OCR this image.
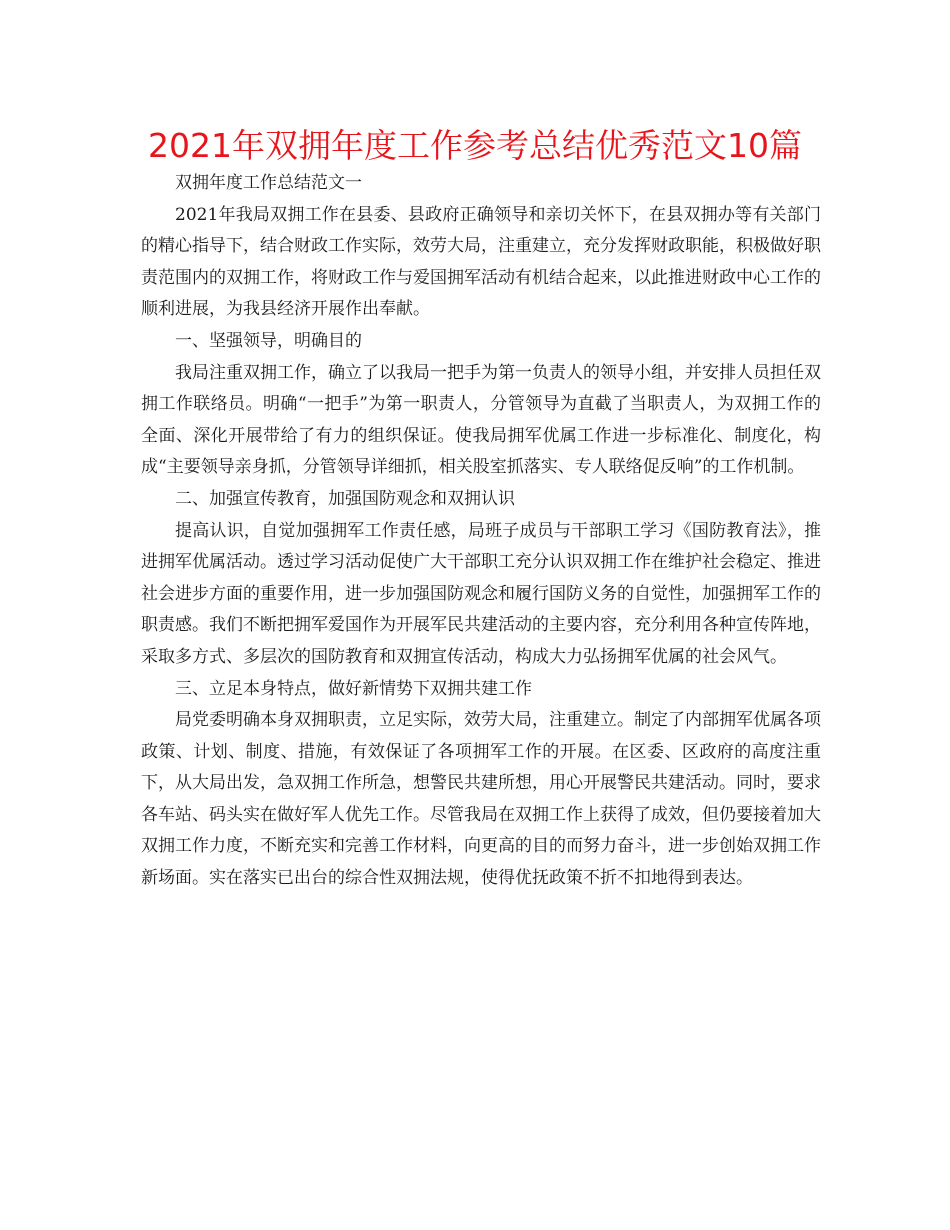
2021年双拥年度工作参考总结优秀范文10篇

双拥年度工作总结范文一

2021年我局双拥工作在县委、县政府正确领导和亲切关怀下，在县双拥办等有关部门的精心指导下，结合财政工作实际，效劳大局，注重建立，充分发挥财政职能，积极做好职责范围内的双拥工作，将财政工作与爱国拥军活动有机结合起来，以此推进财政中心工作的顺利进展，为我县经济开展作出奉献。

一、坚强领导，明确目的

我局注重双拥工作，确立了以我局一把手为第一负责人的领导小组，并安排人员担任双拥工作联络员。明确“一把手”为第一职责人，分管领导为直截了当职责人，为双拥工作的全面、深化开展带给了有力的组织保证。使我局拥军优属工作进一步标准化、制度化，构成“主要领导亲身抓，分管领导详细抓，相关股室抓落实、专人联络促反响”的工作机制。

二、加强宣传教育，加强国防观念和双拥认识

提高认识，自觉加强拥军工作责任感，局班子成员与干部职工学习《国防教育法》，推进拥军优属活动。透过学习活动促使广大干部职工充分认识双拥工作在维护社会稳定、推进社会进步方面的重要作用，进一步加强国防观念和履行国防义务的自觉性，加强拥军工作的职责感。我们不断把拥军爱国作为开展军民共建活动的主要内容，充分利用各种宣传阵地，采取多方式、多层次的国防教育和双拥宣传活动，构成大力弘扬拥军优属的社会风气。

三、立足本身特点，做好新情势下双拥共建工作

局党委明确本身双拥职责，立足实际，效劳大局，注重建立。制定了内部拥军优属各项政策、计划、制度、措施，有效保证了各项拥军工作的开展。在区委、区政府的高度注重下，从大局出发，急双拥工作所急，想警民共建所想，用心开展警民共建活动。同时，要求各车站、码头实在做好军人优先工作。尽管我局在双拥工作上获得了成效，但仍要接着加大双拥工作力度，不断充实和完善工作材料，向更高的目的而努力奋斗，进一步创始双拥工作新场面。实在落实已出台的综合性双拥法规，使得优抚政策不折不扣地得到表达。
